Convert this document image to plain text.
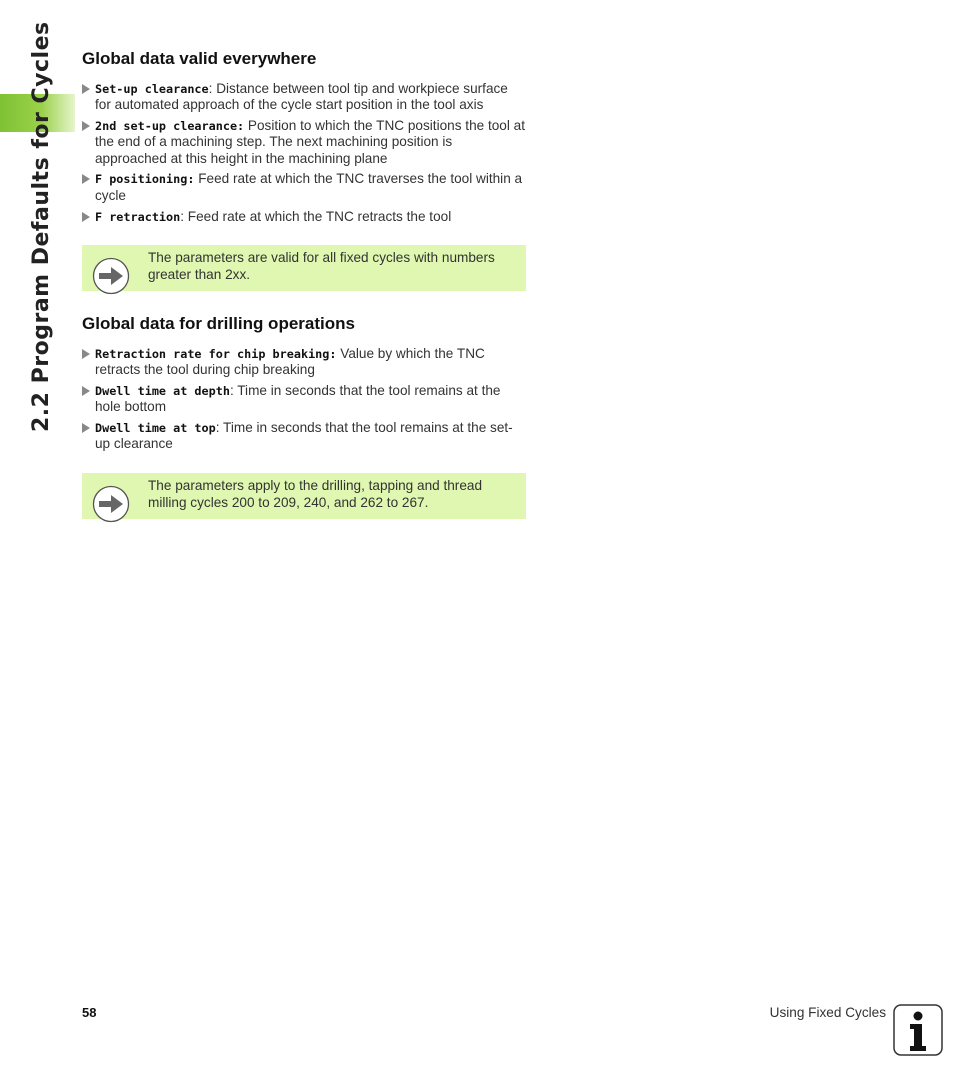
2.2 Program Defaults for Cycles	Global data valid everywhere
Set-up clearance: Distance between tool tip and workpiece surface for automated approach of the cycle start position in the tool axis
2nd set-up clearance: Position to which the TNC positions the tool at the end of a machining step. The next machining position is approached at this height in the machining plane
F positioning: Feed rate at which the TNC traverses the tool within a cycle
F retraction: Feed rate at which the TNC retracts the tool
The parameters are valid for all fixed cycles with numbers greater than 2xx.
Global data for drilling operations
Retraction rate for chip breaking: Value by which the TNC retracts the tool during chip breaking
Dwell time at depth: Time in seconds that the tool remains at the hole bottom
Dwell time at top: Time in seconds that the tool remains at the set-up clearance
The parameters apply to the drilling, tapping and thread milling cycles 200 to 209, 240, and 262 to 267.
58	Using Fixed Cycles
